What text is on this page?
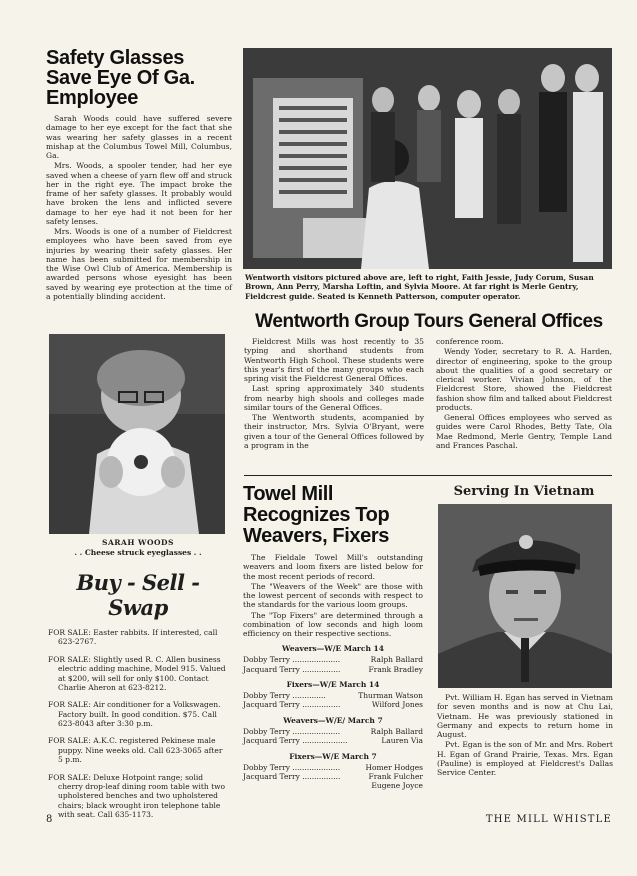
Safety Glasses Save Eye Of Ga. Employee

Sarah Woods could have suffered severe damage to her eye except for the fact that she was wearing her safety glasses in a recent mishap at the Columbus Towel Mill, Columbus, Ga.

Mrs. Woods, a spooler tender, had her eye saved when a cheese of yarn flew off and struck her in the right eye. The impact broke the frame of her safety glasses. It probably would have broken the lens and inflicted severe damage to her eye had it not been for her safety lenses.

Mrs. Woods is one of a number of Fieldcrest employees who have been saved from eye injuries by wearing their safety glasses. Her name has been submitted for membership in the Wise Owl Club of America. Membership is awarded persons whose eyesight has been saved by wearing eye protection at the time of a potentially blinding accident.

SARAH WOODS
. . Cheese struck eyeglasses . .
Buy - Sell - Swap

FOR SALE: Easter rabbits. If interested, call 623-2767.

FOR SALE: Slightly used R. C. Allen business electric adding machine, Model 915. Valued at $200, will sell for only $100. Contact Charlie Aheron at 623-8212.

FOR SALE: Air conditioner for a Volkswagen. Factory built. In good condition. $75. Call 623-8043 after 3:30 p.m.

FOR SALE: A.K.C. registered Pekinese male puppy. Nine weeks old. Call 623-3065 after 5 p.m.

FOR SALE: Deluxe Hotpoint range; solid cherry drop-leaf dining room table with two upholstered benches and two upholstered chairs; black wrought iron telephone table with seat. Call 635-1173.

Wentworth visitors pictured above are, left to right, Faith Jessie, Judy Corum, Susan Brown, Ann Perry, Marsha Loftin, and Sylvia Moore. At far right is Merle Gentry, Fieldcrest guide. Seated is Kenneth Patterson, computer operator.
Wentworth Group Tours General Offices

Fieldcrest Mills was host recently to 35 typing and shorthand students from Wentworth High School. These students were this year's first of the many groups who each spring visit the Fieldcrest General Offices.

Last spring approximately 340 students from nearby high shools and colleges made similar tours of the General Offices.

The Wentworth students, acompanied by their instructor, Mrs. Sylvia O'Bryant, were given a tour of the General Offices followed by a program in the

conference room.

Wendy Yoder, secretary to R. A. Harden, director of engineering, spoke to the group about the qualities of a good secretary or clerical worker. Vivian Johnson, of the Fieldcrest Store, showed the Fieldcrest fashion show film and talked about Fieldcrest products.

General Offices employees who served as guides were Carol Rhodes, Betty Tate, Ola Mae Redmond, Merle Gentry, Temple Land and Frances Paschal.

Towel Mill Recognizes Top Weavers, Fixers

The Fieldale Towel Mill's outstanding weavers and loom fixers are listed below for the most recent periods of record.

The "Weavers of the Week" are those with the lowest percent of seconds with respect to the standards for the various loom groups.

The "Top Fixers" are determined through a combination of low seconds and high loom efficiency on their respective sections.

Weavers—W/E March 14
Dobby Terry ....................	Ralph Ballard
Jacquard Terry ................	Frank Bradley
Fixers—W/E March 14
Dobby Terry ..............	Thurman Watson
Jacquard Terry ................	Wilford Jones
Weavers—W/E/ March 7
Dobby Terry ....................	Ralph Ballard
Jacquard Terry ...................	Lauren Via
Fixers—W/E March 7
Dobby Terry ....................	Homer Hodges
Jacquard Terry ................	Frank Fulcher
Eugene Joyce
Serving In Vietnam

Pvt. William H. Egan has served in Vietnam for seven months and is now at Chu Lai, Vietnam. He was previously stationed in Germany and expects to return home in August.

Pvt. Egan is the son of Mr. and Mrs. Robert H. Egan of Grand Prairie, Texas. Mrs. Egan (Pauline) is employed at Fieldcrest's Dallas Service Center.

8	THE MILL WHISTLE
